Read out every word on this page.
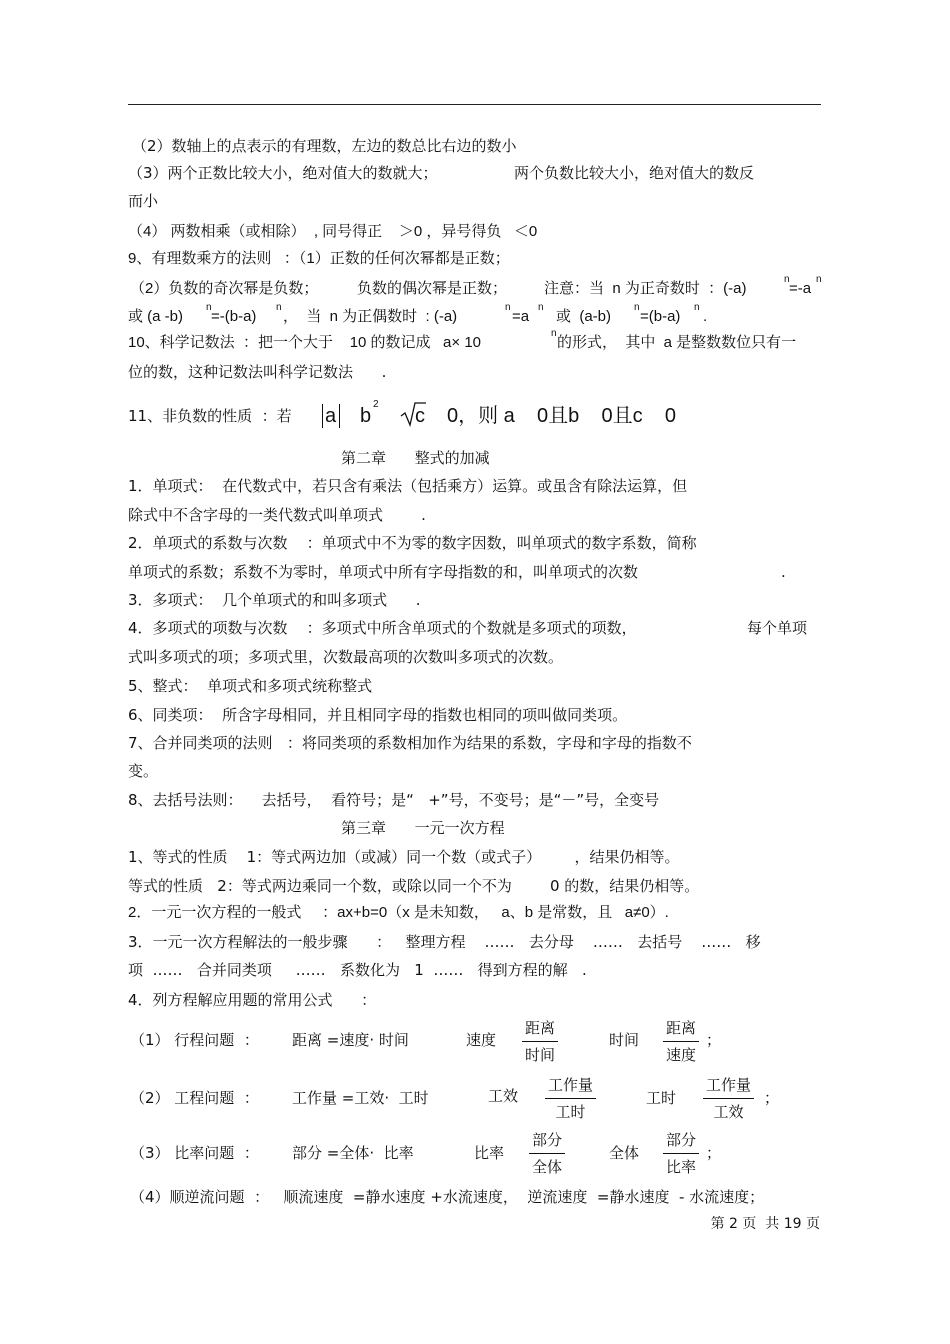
（2）数轴上的点表示的有理数，左边的数总比右边的数小
（3）两个正数比较大小，绝对值大的数就大；	两个负数比较大小，绝对值大的数反
而小
（4） 两数相乘（或相除）  , 同号得正    ＞0 ，异号得负   ＜0
9、有理数乘方的法则   ：（1）正数的任何次幂都是正数；
（2）负数的奇次幂是负数；	负数的偶次幂是正数； 注意：当  n 为正奇数时  ：(-a)
n
=-a
n
或 (a -b)
n
=-(b-a)
n
，  当  n 为正偶数时  : (-a)
n
=a
n
或  (a-b)
n
=(b-a)
n
.
10、科学记数法  ：把一个大于    10 的数记成   a× 10
n
的形式，  其中  a 是整数数位只有一
位的数，这种记数法叫科学记数法      .
11、非负数的性质  ：若 a b
2
c 0，则 a    0且b    0且c    0
第二章      整式的加减
1．单项式：  在代数式中，若只含有乘法（包括乘方）运算。或虽含有除法运算，但
除式中不含字母的一类代数式叫单项式        .
2．单项式的系数与次数    ：单项式中不为零的数字因数，叫单项式的数字系数，简称
单项式的系数；系数不为零时，单项式中所有字母指数的和，叫单项式的次数	.
3．多项式：  几个单项式的和叫多项式      .
4．多项式的项数与次数    ：多项式中所含单项式的个数就是多项式的项数，	每个单项
式叫多项式的项；多项式里，次数最高项的次数叫多项式的次数。
5、整式：  单项式和多项式统称整式
6、同类项：  所含字母相同，并且相同字母的指数也相同的项叫做同类项。
7、合并同类项的法则   ：将同类项的系数相加作为结果的系数，字母和字母的指数不
变。
8、去括号法则：    去括号，  看符号；是“   +”号，不变号；是“－”号，全变号
第三章      一元一次方程
1、等式的性质    1：等式两边加（或减）同一个数（或式子）       ，结果仍相等。
等式的性质   2：等式两边乘同一个数，或除以同一个不为        0 的数，结果仍相等。
2．一元一次方程的一般式     ：ax+b=0（x 是未知数，   a、b 是常数，且   a≠0）.
3．一元一次方程解法的一般步骤      ：   整理方程    ……   去分母    ……   去括号    ……   移
项  ……   合并同类项     ……   系数化为   1  ……   得到方程的解   .
4．列方程解应用题的常用公式      ：
（1） 行程问题  ： 距离 =速度· 时间	速度
距离
时间
时间
距离
速度
；
（2） 工程问题  ： 工作量 =工效·  工时	工效
工作量
工时
工时
工作量
工效
；
（3） 比率问题  ： 部分 =全体·  比率	比率
部分
全体
全体
部分
比率
；
（4）顺逆流问题  ：   顺流速度  =静水速度 +水流速度，  逆流速度  =静水速度  - 水流速度；
第 2 页  共 19 页
